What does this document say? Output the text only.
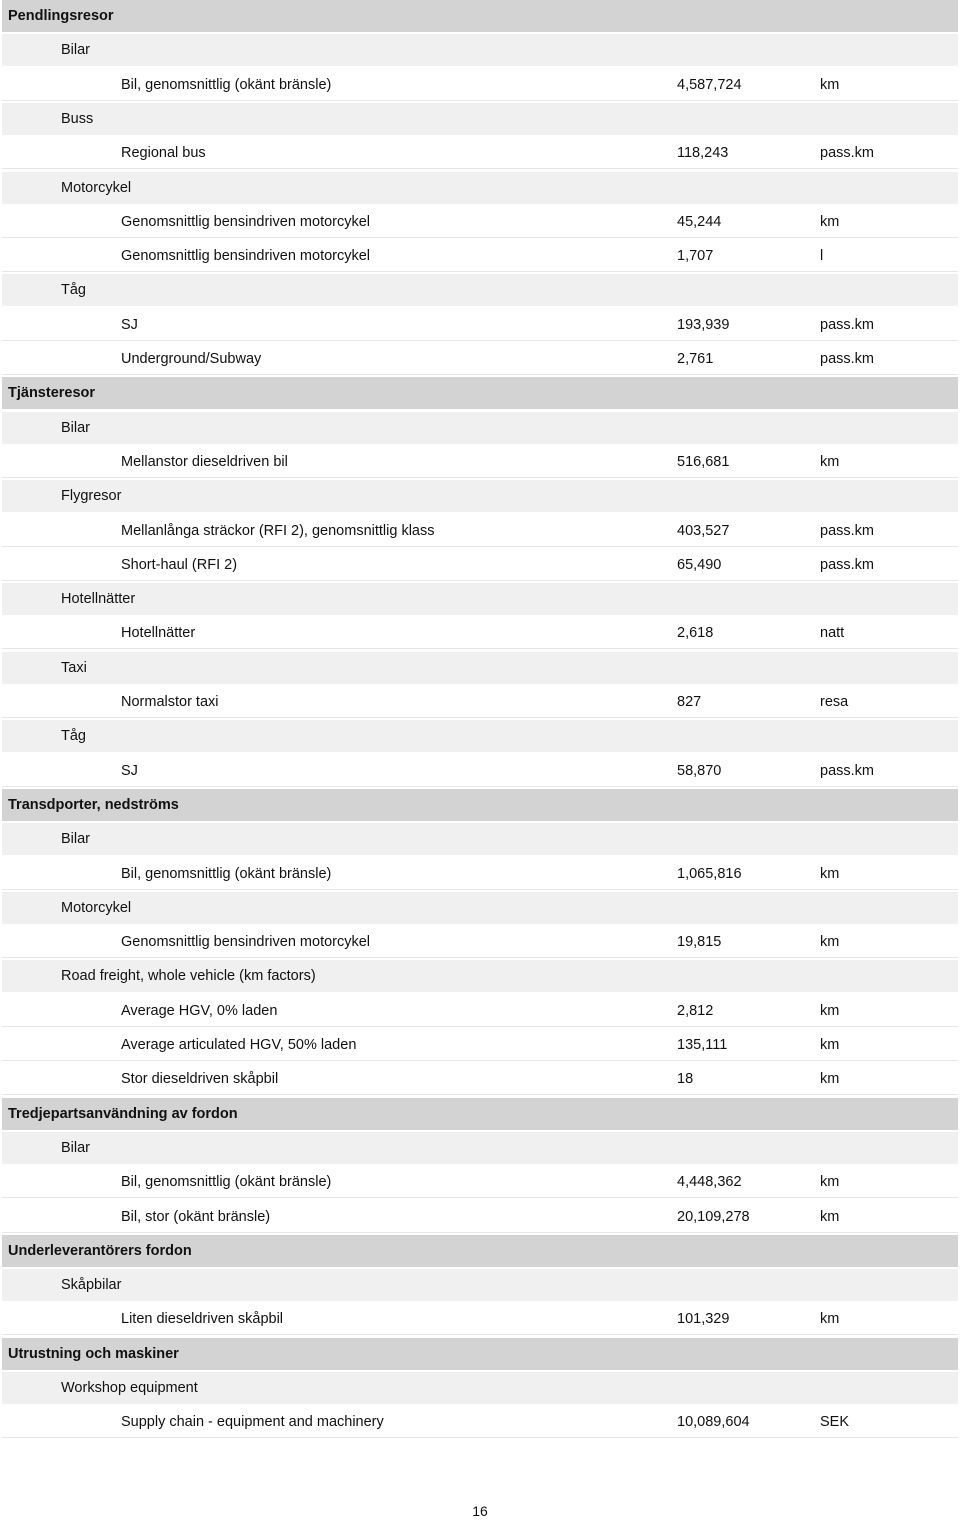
Pendlingsresor
Bilar
Bil, genomsnittlig (okänt bränsle)	4,587,724	km
Buss
Regional bus	118,243	pass.km
Motorcykel
Genomsnittlig bensindriven motorcykel	45,244	km
Genomsnittlig bensindriven motorcykel	1,707	l
Tåg
SJ	193,939	pass.km
Underground/Subway	2,761	pass.km
Tjänsteresor
Bilar
Mellanstor dieseldriven bil	516,681	km
Flygresor
Mellanlånga sträckor (RFI 2), genomsnittlig klass	403,527	pass.km
Short-haul (RFI 2)	65,490	pass.km
Hotellnätter
Hotellnätter	2,618	natt
Taxi
Normalstor taxi	827	resa
Tåg
SJ	58,870	pass.km
Transdporter, nedströms
Bilar
Bil, genomsnittlig (okänt bränsle)	1,065,816	km
Motorcykel
Genomsnittlig bensindriven motorcykel	19,815	km
Road freight, whole vehicle (km factors)
Average HGV, 0% laden	2,812	km
Average articulated HGV, 50% laden	135,111	km
Stor dieseldriven skåpbil	18	km
Tredjepartsanvändning av fordon
Bilar
Bil, genomsnittlig (okänt bränsle)	4,448,362	km
Bil, stor (okänt bränsle)	20,109,278	km
Underleverantörers fordon
Skåpbilar
Liten dieseldriven skåpbil	101,329	km
Utrustning och maskiner
Workshop equipment
Supply chain - equipment and machinery	10,089,604	SEK
16
